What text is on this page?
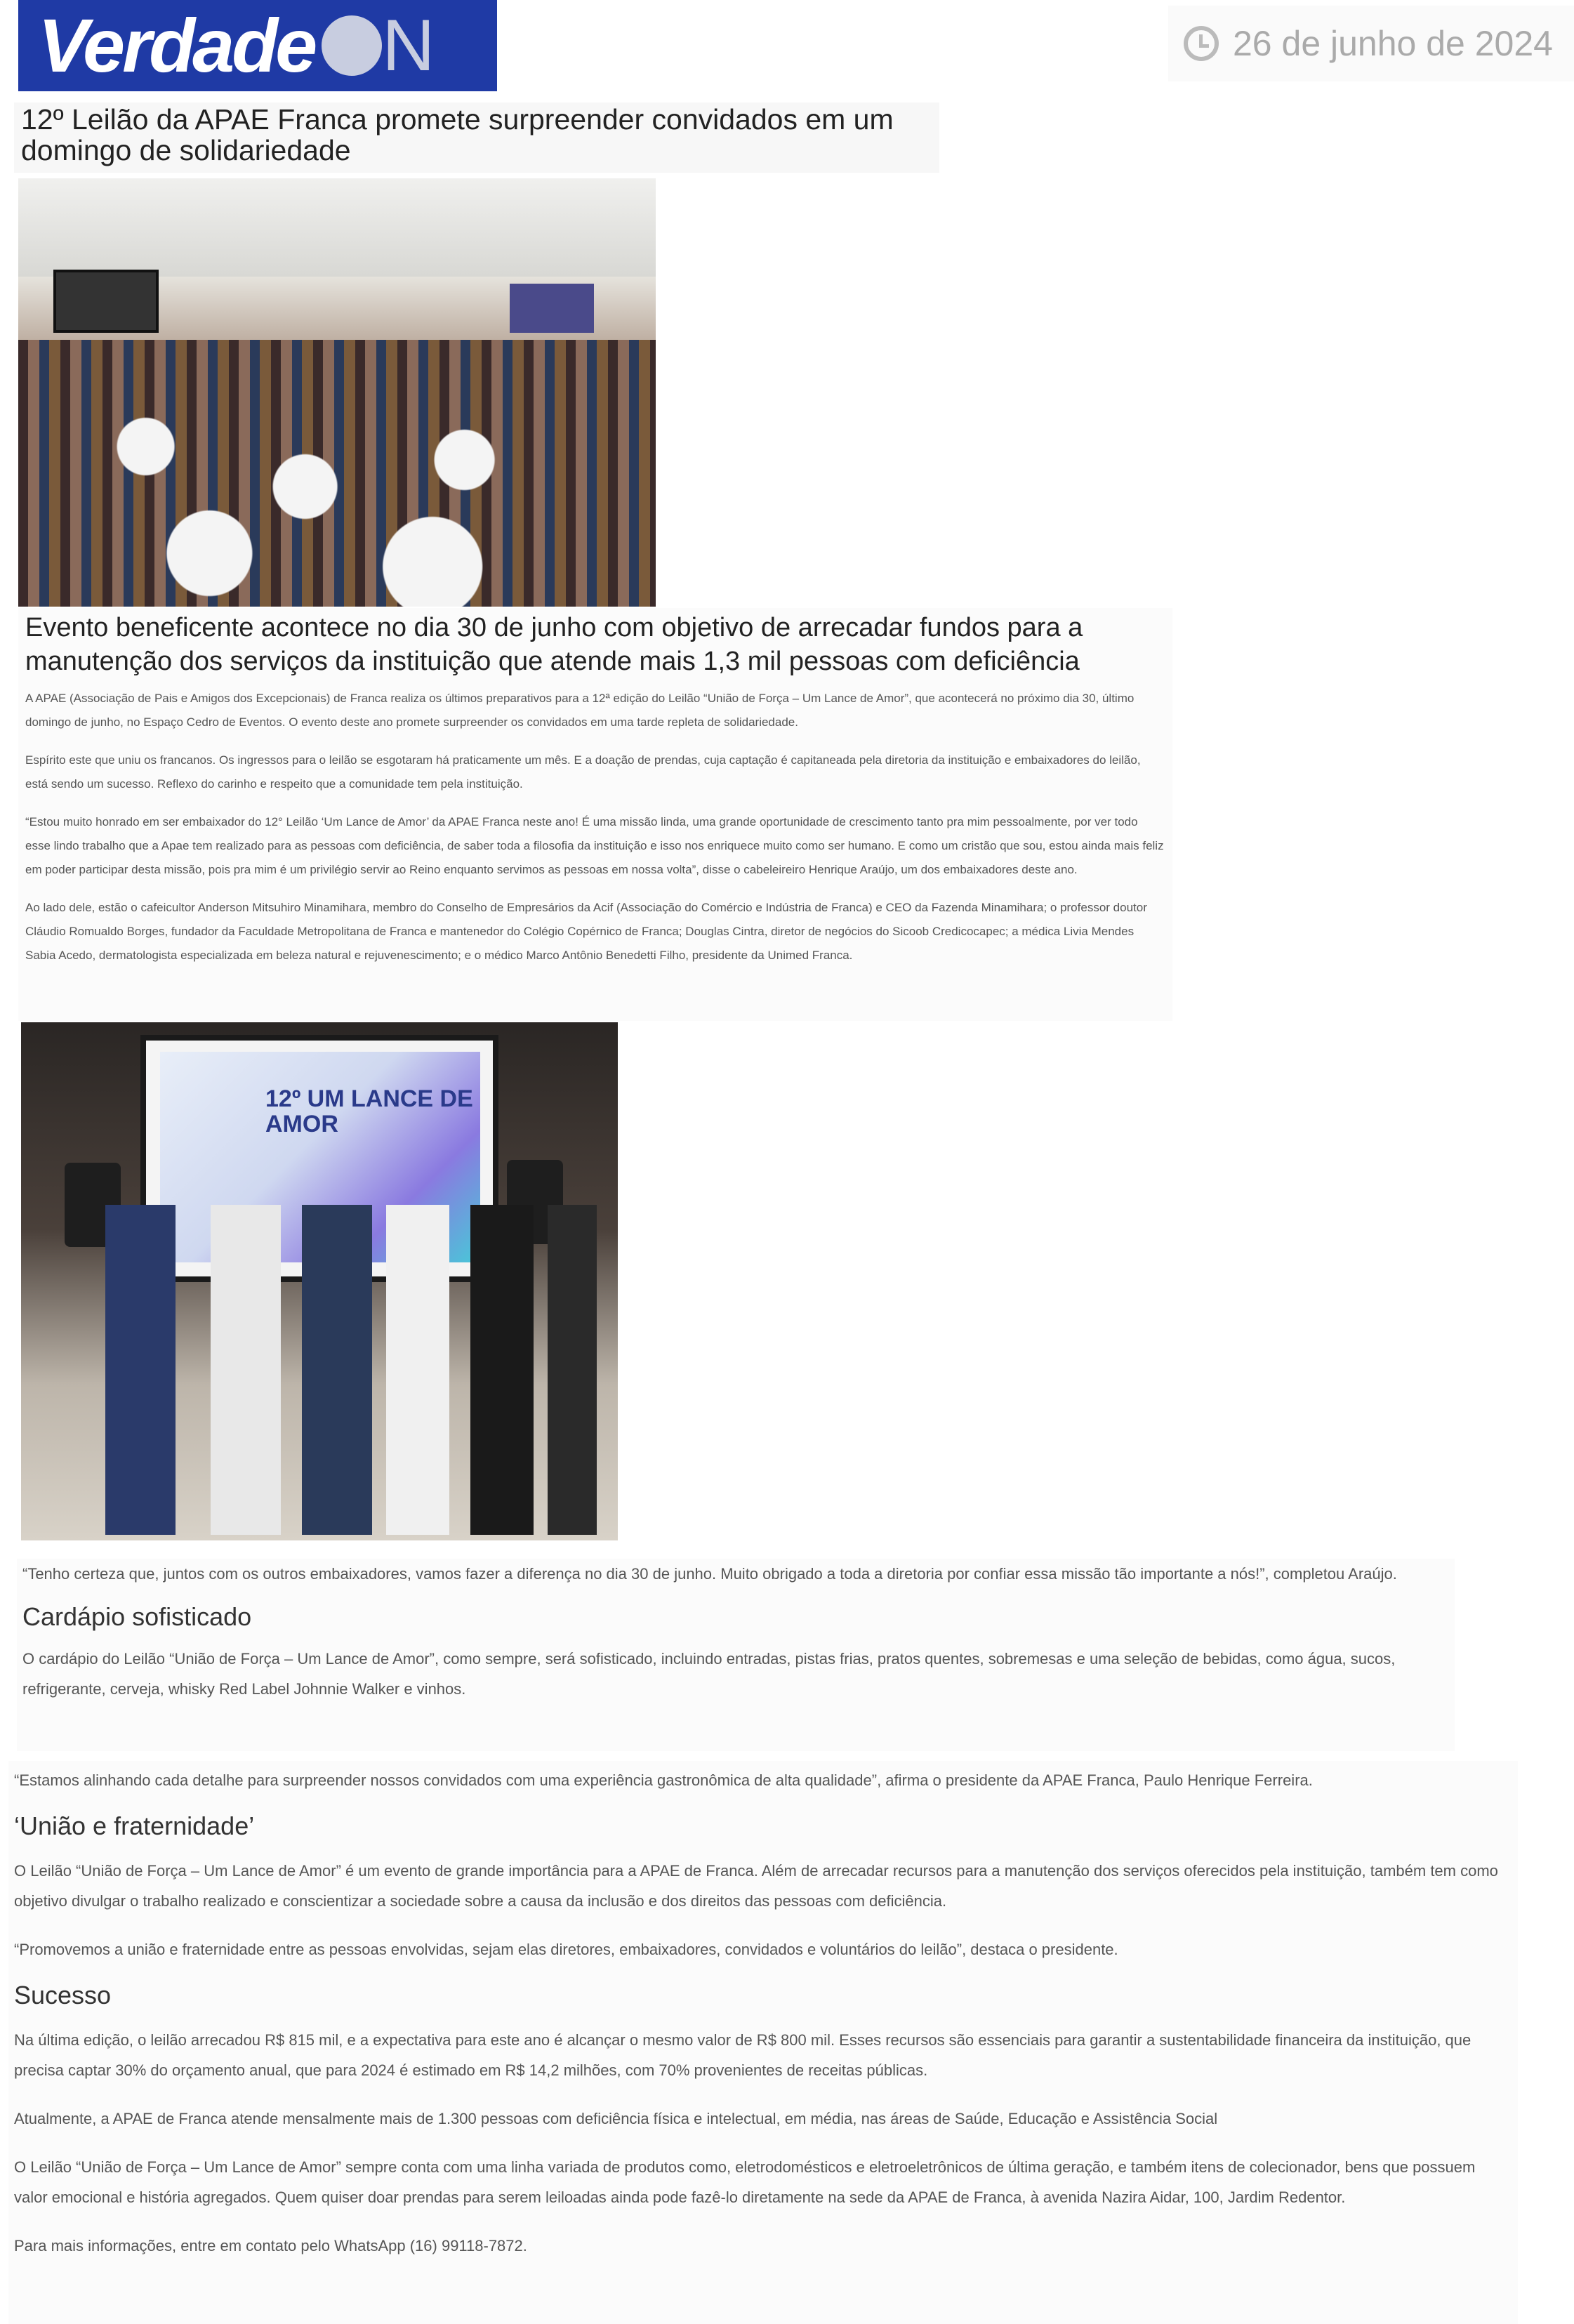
Verdade N	26 de junho de 2024
12º Leilão da APAE Franca promete surpreender convidados em um domingo de solidariedade
Evento beneficente acontece no dia 30 de junho com objetivo de arrecadar fundos para a manutenção dos serviços da instituição que atende mais 1,3 mil pessoas com deficiência

A APAE (Associação de Pais e Amigos dos Excepcionais) de Franca realiza os últimos preparativos para a 12ª edição do Leilão “União de Força – Um Lance de Amor”, que acontecerá no próximo dia 30, último domingo de junho, no Espaço Cedro de Eventos. O evento deste ano promete surpreender os convidados em uma tarde repleta de solidariedade.

Espírito este que uniu os francanos. Os ingressos para o leilão se esgotaram há praticamente um mês. E a doação de prendas, cuja captação é capitaneada pela diretoria da instituição e embaixadores do leilão, está sendo um sucesso. Reflexo do carinho e respeito que a comunidade tem pela instituição.

“Estou muito honrado em ser embaixador do 12° Leilão ‘Um Lance de Amor’ da APAE Franca neste ano! É uma missão linda, uma grande oportunidade de crescimento tanto pra mim pessoalmente, por ver todo esse lindo trabalho que a Apae tem realizado para as pessoas com deficiência, de saber toda a filosofia da instituição e isso nos enriquece muito como ser humano. E como um cristão que sou, estou ainda mais feliz em poder participar desta missão, pois pra mim é um privilégio servir ao Reino enquanto servimos as pessoas em nossa volta”, disse o cabeleireiro Henrique Araújo, um dos embaixadores deste ano.

Ao lado dele, estão o cafeicultor Anderson Mitsuhiro Minamihara, membro do Conselho de Empresários da Acif (Associação do Comércio e Indústria de Franca) e CEO da Fazenda Minamihara; o professor doutor Cláudio Romualdo Borges, fundador da Faculdade Metropolitana de Franca e mantenedor do Colégio Copérnico de Franca; Douglas Cintra, diretor de negócios do Sicoob Credicocapec; a médica Livia Mendes Sabia Acedo, dermatologista especializada em beleza natural e rejuvenescimento; e o médico Marco Antônio Benedetti Filho, presidente da Unimed Franca.

12º UM LANCE DE AMOR

“Tenho certeza que, juntos com os outros embaixadores, vamos fazer a diferença no dia 30 de junho. Muito obrigado a toda a diretoria por confiar essa missão tão importante a nós!”, completou Araújo.

Cardápio sofisticado

O cardápio do Leilão “União de Força – Um Lance de Amor”, como sempre, será sofisticado, incluindo entradas, pistas frias, pratos quentes, sobremesas e uma seleção de bebidas, como água, sucos, refrigerante, cerveja, whisky Red Label Johnnie Walker e vinhos.

“Estamos alinhando cada detalhe para surpreender nossos convidados com uma experiência gastronômica de alta qualidade”, afirma o presidente da APAE Franca, Paulo Henrique Ferreira.

‘União e fraternidade’

O Leilão “União de Força – Um Lance de Amor” é um evento de grande importância para a APAE de Franca. Além de arrecadar recursos para a manutenção dos serviços oferecidos pela instituição, também tem como objetivo divulgar o trabalho realizado e conscientizar a sociedade sobre a causa da inclusão e dos direitos das pessoas com deficiência.

“Promovemos a união e fraternidade entre as pessoas envolvidas, sejam elas diretores, embaixadores, convidados e voluntários do leilão”, destaca o presidente.

Sucesso

Na última edição, o leilão arrecadou R$ 815 mil, e a expectativa para este ano é alcançar o mesmo valor de R$ 800 mil. Esses recursos são essenciais para garantir a sustentabilidade financeira da instituição, que precisa captar 30% do orçamento anual, que para 2024 é estimado em R$ 14,2 milhões, com 70% provenientes de receitas públicas.

Atualmente, a APAE de Franca atende mensalmente mais de 1.300 pessoas com deficiência física e intelectual, em média, nas áreas de Saúde, Educação e Assistência Social

O Leilão “União de Força – Um Lance de Amor” sempre conta com uma linha variada de produtos como, eletrodomésticos e eletroeletrônicos de última geração, e também itens de colecionador, bens que possuem valor emocional e história agregados. Quem quiser doar prendas para serem leiloadas ainda pode fazê-lo diretamente na sede da APAE de Franca, à avenida Nazira Aidar, 100, Jardim Redentor.

Para mais informações, entre em contato pelo WhatsApp (16) 99118-7872.
